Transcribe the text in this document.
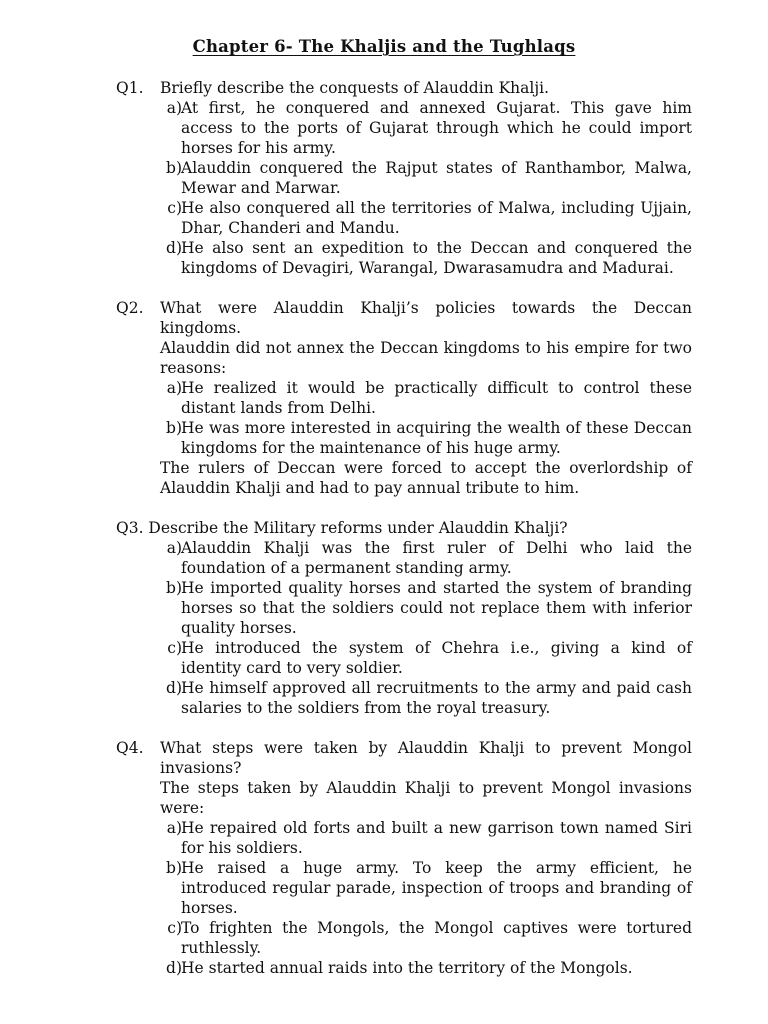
Chapter 6- The Khaljis and the Tughlaqs
Q1.	Briefly describe the conquests of Alauddin Khalji.
a) At first, he conquered and annexed Gujarat. This gave him access to the ports of Gujarat through which he could import horses for his army.
b) Alauddin conquered the Rajput states of Ranthambor, Malwa, Mewar and Marwar.
c) He also conquered all the territories of Malwa, including Ujjain, Dhar, Chanderi and Mandu.
d) He also sent an expedition to the Deccan and conquered the kingdoms of Devagiri, Warangal, Dwarasamudra and Madurai.
Q2.	What were Alauddin Khalji’s policies towards the Deccan kingdoms.
Alauddin did not annex the Deccan kingdoms to his empire for two reasons:
a) He realized it would be practically difficult to control these distant lands from Delhi.
b) He was more interested in acquiring the wealth of these Deccan kingdoms for the maintenance of his huge army.
The rulers of Deccan were forced to accept the overlordship of Alauddin Khalji and had to pay annual tribute to him.
Q3. Describe the Military reforms under Alauddin Khalji?
a) Alauddin Khalji was the first ruler of Delhi who laid the foundation of a permanent standing army.
b) He imported quality horses and started the system of branding horses so that the soldiers could not replace them with inferior quality horses.
c) He introduced the system of Chehra i.e., giving a kind of identity card to very soldier.
d) He himself approved all recruitments to the army and paid cash salaries to the soldiers from the royal treasury.
Q4.	What steps were taken by Alauddin Khalji to prevent Mongol invasions?
The steps taken by Alauddin Khalji to prevent Mongol invasions were:
a) He repaired old forts and built a new garrison town named Siri for his soldiers.
b) He raised a huge army. To keep the army efficient, he introduced regular parade, inspection of troops and branding of horses.
c) To frighten the Mongols, the Mongol captives were tortured ruthlessly.
d) He started annual raids into the territory of the Mongols.
